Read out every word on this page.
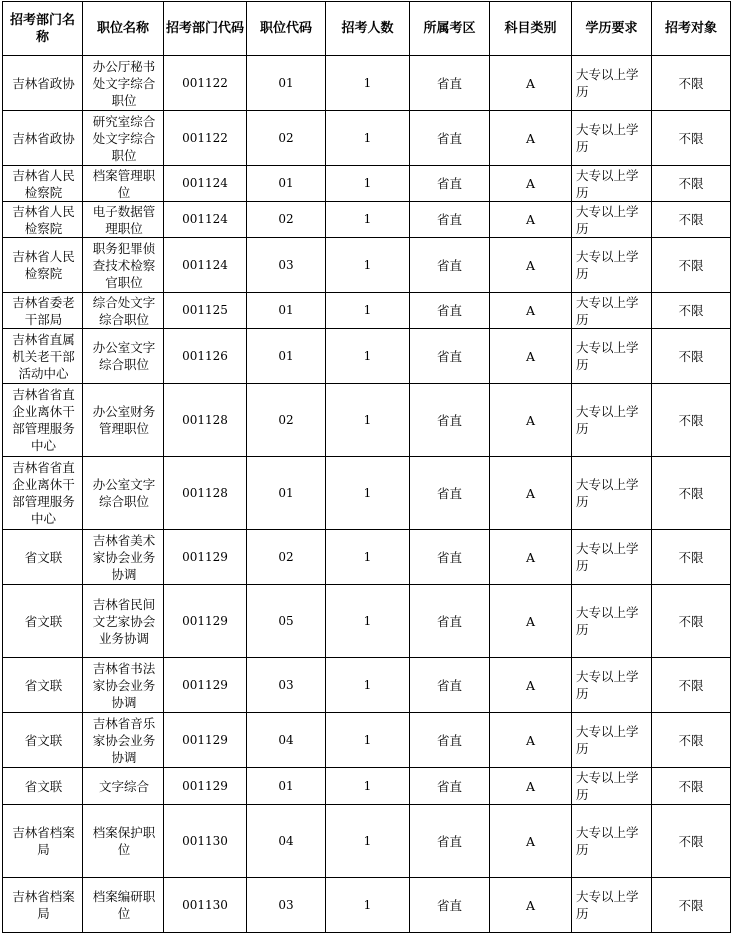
招考部门名称	职位名称	招考部门代码	职位代码	招考人数	所属考区	科目类别	学历要求	招考对象
吉林省政协	办公厅秘书处文字综合职位	001122	01	1	省直	A	大专以上学历	不限
吉林省政协	研究室综合处文字综合职位	001122	02	1	省直	A	大专以上学历	不限
吉林省人民检察院	档案管理职位	001124	01	1	省直	A	大专以上学历	不限
吉林省人民检察院	电子数据管理职位	001124	02	1	省直	A	大专以上学历	不限
吉林省人民检察院	职务犯罪侦查技术检察官职位	001124	03	1	省直	A	大专以上学历	不限
吉林省委老干部局	综合处文字综合职位	001125	01	1	省直	A	大专以上学历	不限
吉林省直属机关老干部活动中心	办公室文字综合职位	001126	01	1	省直	A	大专以上学历	不限
吉林省省直企业离休干部管理服务中心	办公室财务管理职位	001128	02	1	省直	A	大专以上学历	不限
吉林省省直企业离休干部管理服务中心	办公室文字综合职位	001128	01	1	省直	A	大专以上学历	不限
省文联	吉林省美术家协会业务协调	001129	02	1	省直	A	大专以上学历	不限
省文联	吉林省民间文艺家协会业务协调	001129	05	1	省直	A	大专以上学历	不限
省文联	吉林省书法家协会业务协调	001129	03	1	省直	A	大专以上学历	不限
省文联	吉林省音乐家协会业务协调	001129	04	1	省直	A	大专以上学历	不限
省文联	文字综合	001129	01	1	省直	A	大专以上学历	不限
吉林省档案局	档案保护职位	001130	04	1	省直	A	大专以上学历	不限
吉林省档案局	档案编研职位	001130	03	1	省直	A	大专以上学历	不限
